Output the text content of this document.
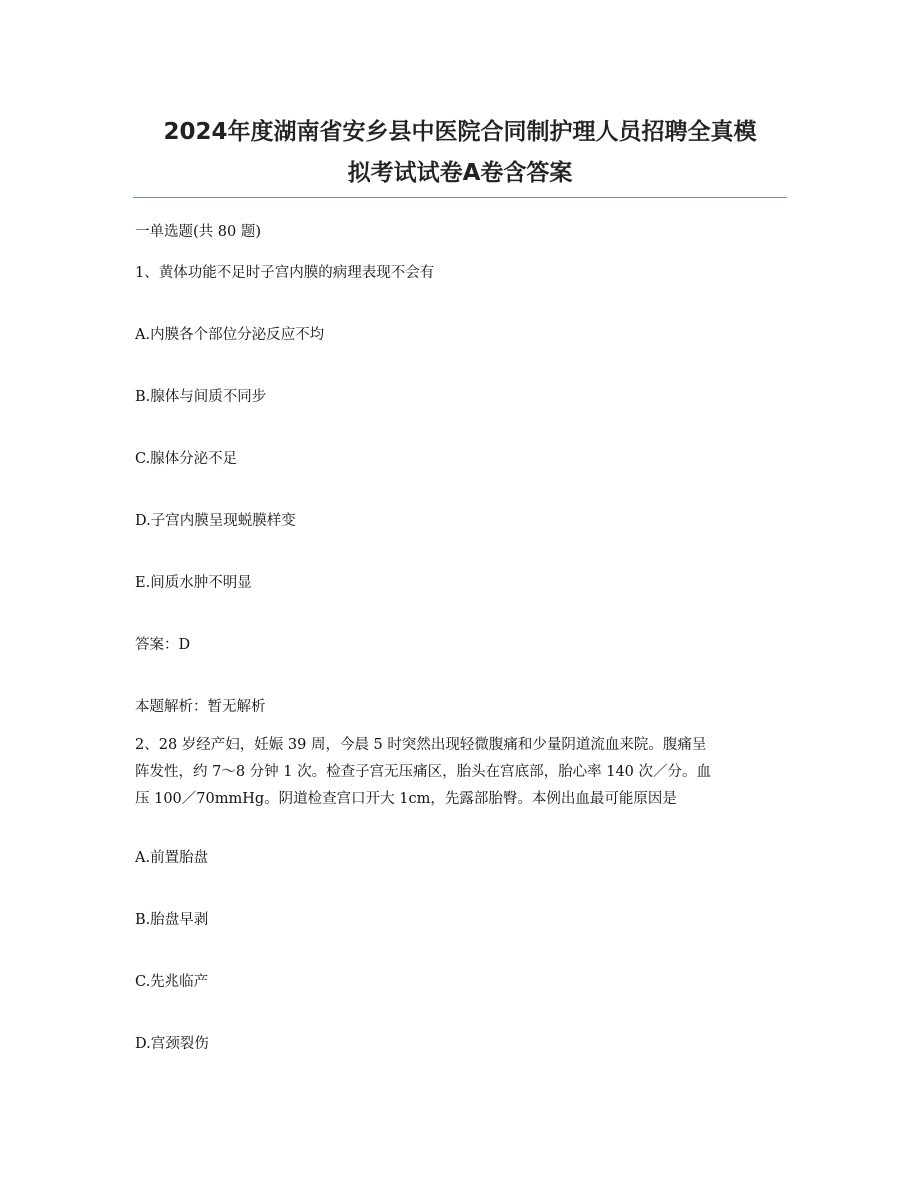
2024年度湖南省安乡县中医院合同制护理人员招聘全真模
拟考试试卷A卷含答案
一单选题(共 80 题)
1、黄体功能不足时子宫内膜的病理表现不会有
A.内膜各个部位分泌反应不均
B.腺体与间质不同步
C.腺体分泌不足
D.子宫内膜呈现蜕膜样变
E.间质水肿不明显
答案：D
本题解析：暂无解析
2、28 岁经产妇，妊娠 39 周，今晨 5 时突然出现轻微腹痛和少量阴道流血来院。腹痛呈
阵发性，约 7～8 分钟 1 次。检查子宫无压痛区，胎头在宫底部，胎心率 140 次／分。血
压 100／70mmHg。阴道检查宫口开大 1cm，先露部胎臀。本例出血最可能原因是
A.前置胎盘
B.胎盘早剥
C.先兆临产
D.宫颈裂伤
